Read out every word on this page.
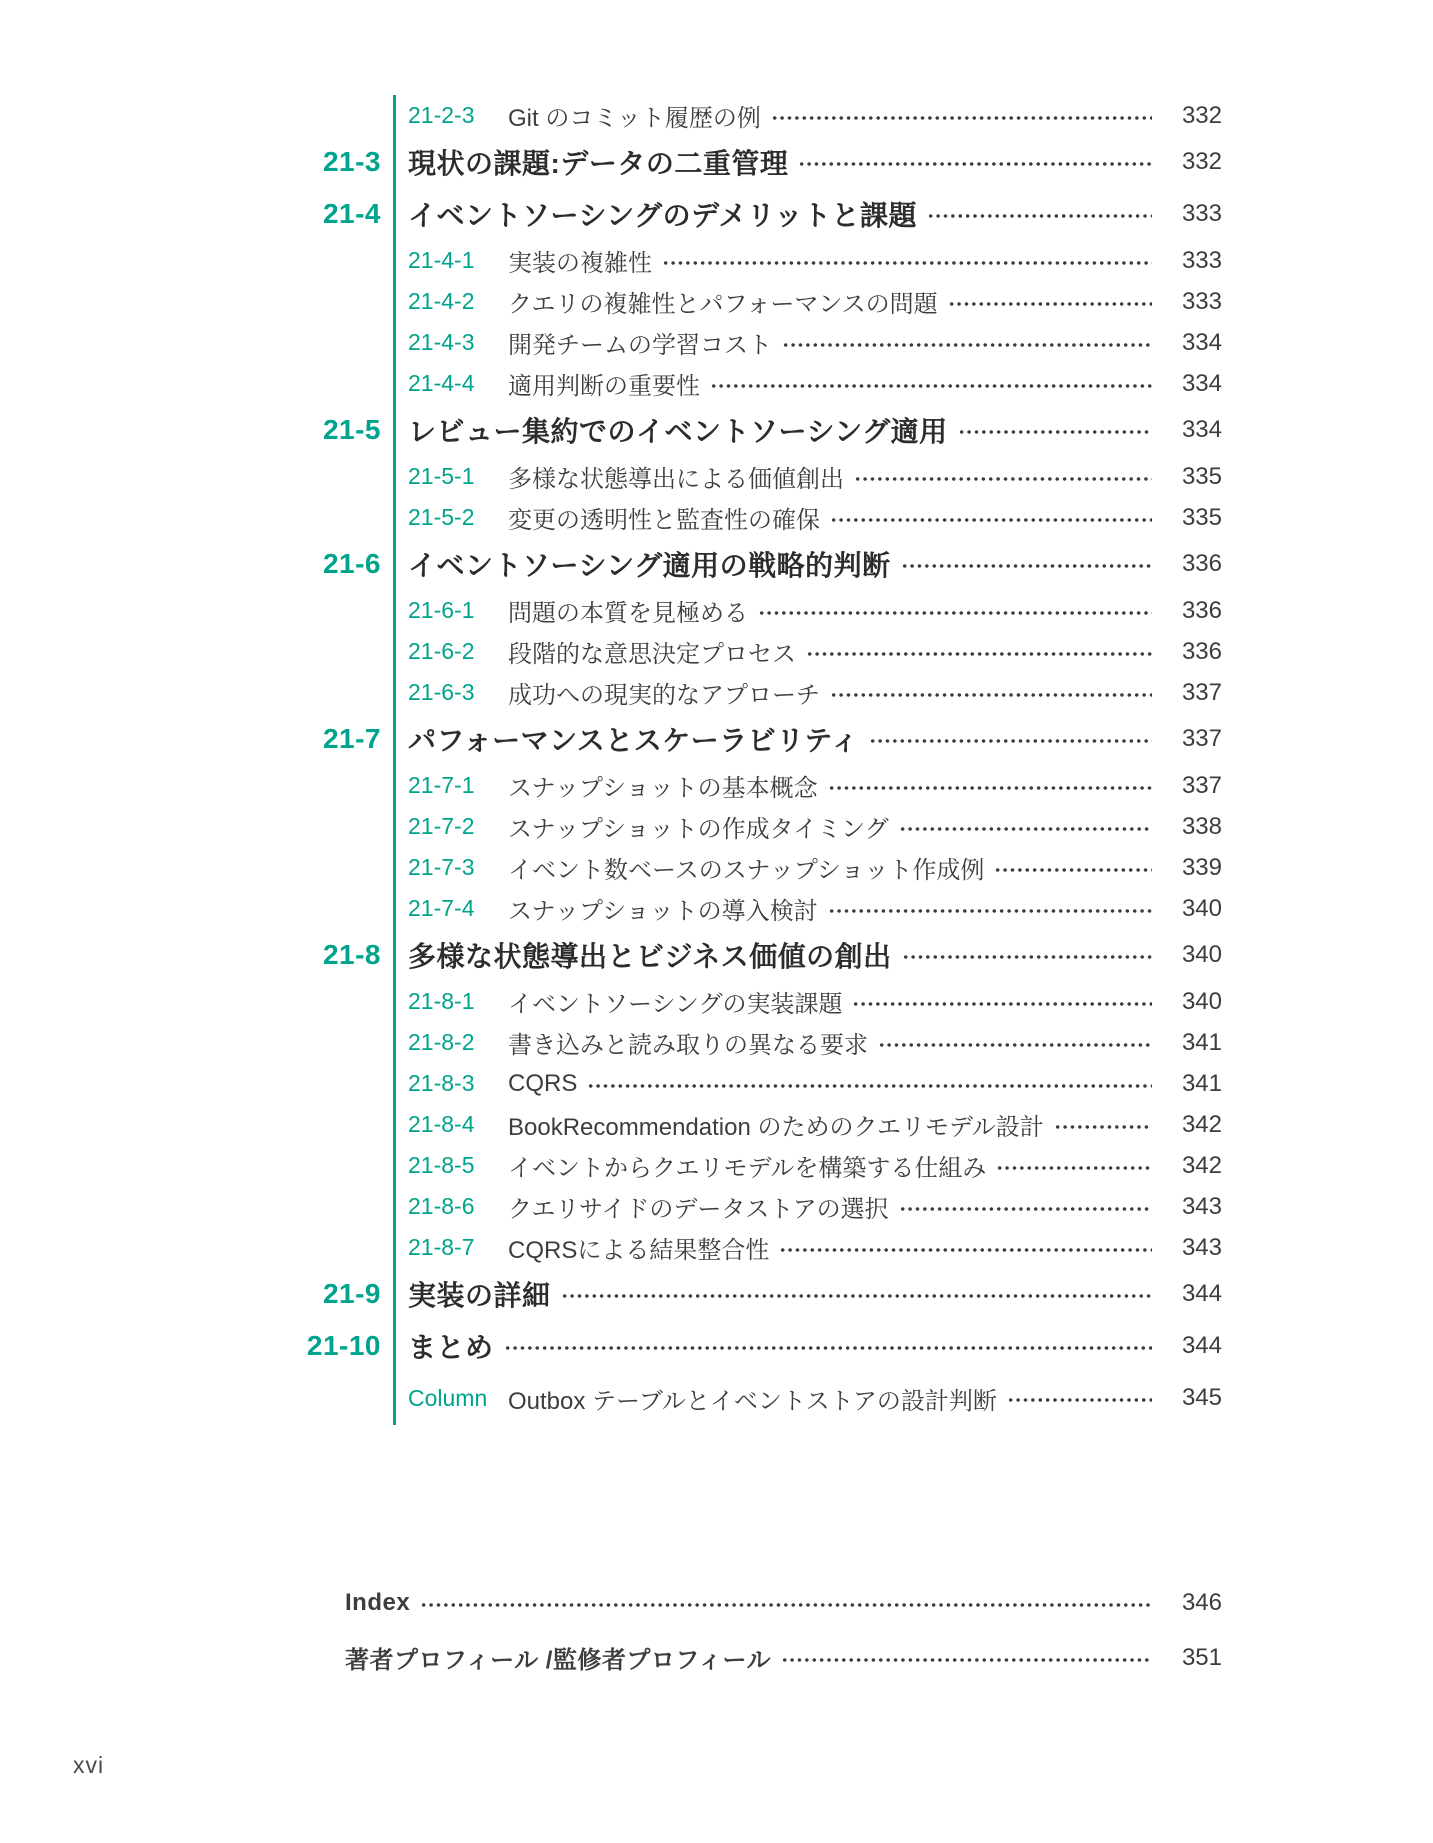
21-2-3	Git のコミット履歴の例	332
21-3 現状の課題:データの二重管理	332
21-4 イベントソーシングのデメリットと課題	333
21-4-1	実装の複雑性	333
21-4-2	クエリの複雑性とパフォーマンスの問題	333
21-4-3	開発チームの学習コスト	334
21-4-4	適用判断の重要性	334
21-5 レビュー集約でのイベントソーシング適用	334
21-5-1	多様な状態導出による価値創出	335
21-5-2	変更の透明性と監査性の確保	335
21-6 イベントソーシング適用の戦略的判断	336
21-6-1	問題の本質を見極める	336
21-6-2	段階的な意思決定プロセス	336
21-6-3	成功への現実的なアプローチ	337
21-7 パフォーマンスとスケーラビリティ	337
21-7-1	スナップショットの基本概念	337
21-7-2	スナップショットの作成タイミング	338
21-7-3	イベント数ベースのスナップショット作成例	339
21-7-4	スナップショットの導入検討	340
21-8 多様な状態導出とビジネス価値の創出	340
21-8-1	イベントソーシングの実装課題	340
21-8-2	書き込みと読み取りの異なる要求	341
21-8-3	CQRS	341
21-8-4	BookRecommendation のためのクエリモデル設計	342
21-8-5	イベントからクエリモデルを構築する仕組み	342
21-8-6	クエリサイドのデータストアの選択	343
21-8-7	CQRSによる結果整合性	343
21-9 実装の詳細	344
21-10 まとめ	344
Column Outbox テーブルとイベントストアの設計判断	345
Index	346
著者プロフィール /監修者プロフィール	351
xvi
